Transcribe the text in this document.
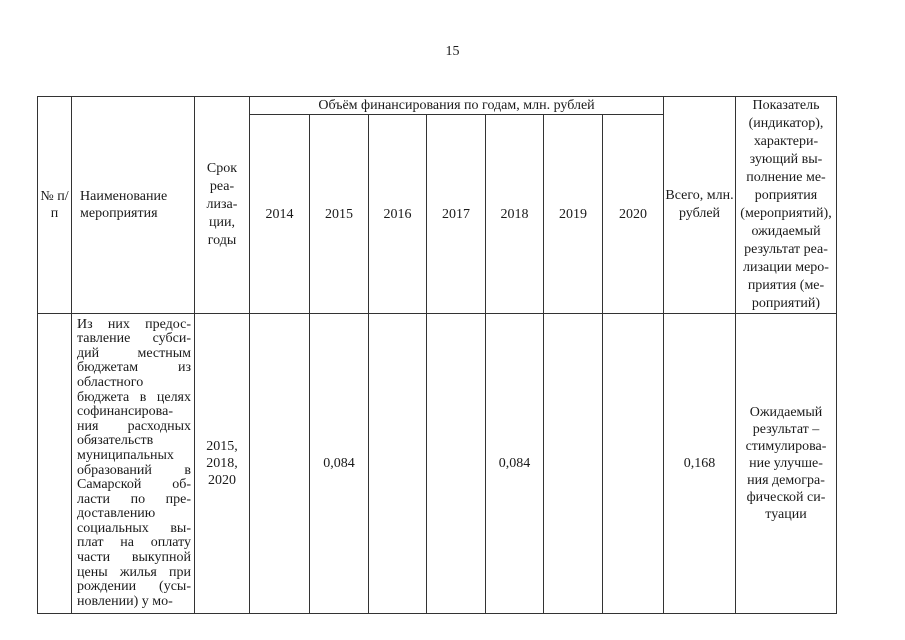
15
№ п/п	Наименование мероприятия	Срок реа-лиза-ции, годы	Объём финансирования по годам, млн. рублей							Всего, млн. рублей	Показатель (индикатор), характери-зующий вы-полнение ме-роприятия (мероприятий), ожидаемый результат реа-лизации меро-приятия (ме-роприятий)
			2014	2015	2016	2017	2018	2019	2020		

	Из них предос-тавление субси-дий местным бюджетам из областного бюджета в целях софинансирова-ния расходных обязательств муниципальных образований в Самарской об-ласти по пре-доставлению социальных вы-плат на оплату части выкупной цены жилья при рождении (усы-новлении) у мо-	2015, 2018, 2020		0,084			0,084			0,168	Ожидаемый результат – стимулирова-ние улучше-ния демогра-фической си-туации
